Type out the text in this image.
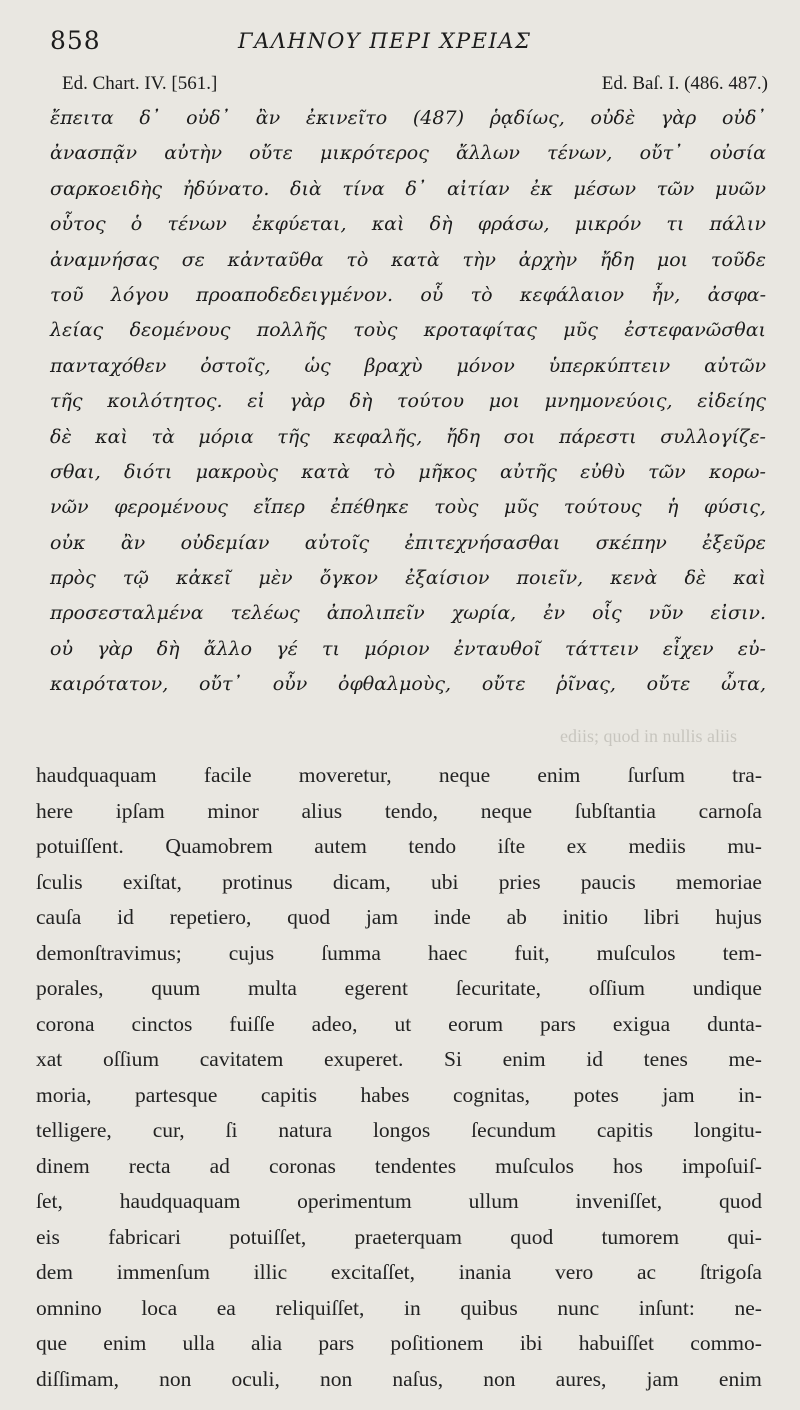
858	ΓΑΛΗΝΟΥ ΠΕΡΙ ΧΡΕΙΑΣ
Ed. Chart. IV. [561.]	Ed. Baſ. I. (486. 487.)
ἔπειτα δ᾽ οὐδ᾽ ἂν ἐκινεῖτο (487) ῥᾳδίως, οὐδὲ γὰρ οὐδ᾽
ἀνασπᾷν αὐτὴν οὔτε μικρότερος ἄλλων τένων, οὔτ᾽ οὐσία
σαρκοειδὴς ἠδύνατο. διὰ τίνα δ᾽ αἰτίαν ἐκ μέσων τῶν μυῶν
οὗτος ὁ τένων ἐκφύεται, καὶ δὴ φράσω, μικρόν τι πάλιν
ἀναμνήσας σε κἀνταῦθα τὸ κατὰ τὴν ἀρχὴν ἤδη μοι τοῦδε
τοῦ λόγου προαποδεδειγμένον. οὗ τὸ κεφάλαιον ἦν, ἀσφα-
λείας δεομένους πολλῆς τοὺς κροταφίτας μῦς ἐστεφανῶσθαι
πανταχόθεν ὀστοῖς, ὡς βραχὺ μόνον ὑπερκύπτειν αὐτῶν
τῆς κοιλότητος. εἰ γὰρ δὴ τούτου μοι μνημονεύοις, εἰδείης
δὲ καὶ τὰ μόρια τῆς κεφαλῆς, ἤδη σοι πάρεστι συλλογίζε-
σθαι, διότι μακροὺς κατὰ τὸ μῆκος αὐτῆς εὐθὺ τῶν κορω-
νῶν φερομένους εἴπερ ἐπέθηκε τοὺς μῦς τούτους ἡ φύσις,
οὐκ ἂν οὐδεμίαν αὐτοῖς ἐπιτεχνήσασθαι σκέπην ἐξεῦρε
πρὸς τῷ κἀκεῖ μὲν ὄγκον ἐξαίσιον ποιεῖν, κενὰ δὲ καὶ
προσεσταλμένα τελέως ἀπολιπεῖν χωρία, ἐν οἷς νῦν εἰσιν.
οὐ γὰρ δὴ ἄλλο γέ τι μόριον ἐνταυθοῖ τάττειν εἶχεν εὐ-
καιρότατον, οὔτ᾽ οὖν ὀφθαλμοὺς, οὔτε ῥῖνας, οὔτε ὦτα,
ediis; quod in nullis aliis
haudquaquam facile moveretur, neque enim ſurſum tra-
here ipſam minor alius tendo, neque ſubſtantia carnoſa
potuiſſent. Quamobrem autem tendo iſte ex mediis mu-
ſculis exiſtat, protinus dicam, ubi pries paucis memoriae
cauſa id repetiero, quod jam inde ab initio libri hujus
demonſtravimus; cujus ſumma haec fuit, muſculos tem-
porales, quum multa egerent ſecuritate, oſſium undique
corona cinctos fuiſſe adeo, ut eorum pars exigua dunta-
xat oſſium cavitatem exuperet. Si enim id tenes me-
moria, partesque capitis habes cognitas, potes jam in-
telligere, cur, ſi natura longos ſecundum capitis longitu-
dinem recta ad coronas tendentes muſculos hos impoſuiſ-
ſet,	haudquaquam	operimentum	ullum	inveniſſet,	quod
eis fabricari potuiſſet, praeterquam quod tumorem qui-
dem immenſum illic excitaſſet, inania vero ac ſtrigoſa
omnino loca ea reliquiſſet, in quibus nunc inſunt: ne-
que enim ulla alia pars poſitionem ibi habuiſſet commo-
diſſimam, non oculi, non naſus, non aures, jam enim
